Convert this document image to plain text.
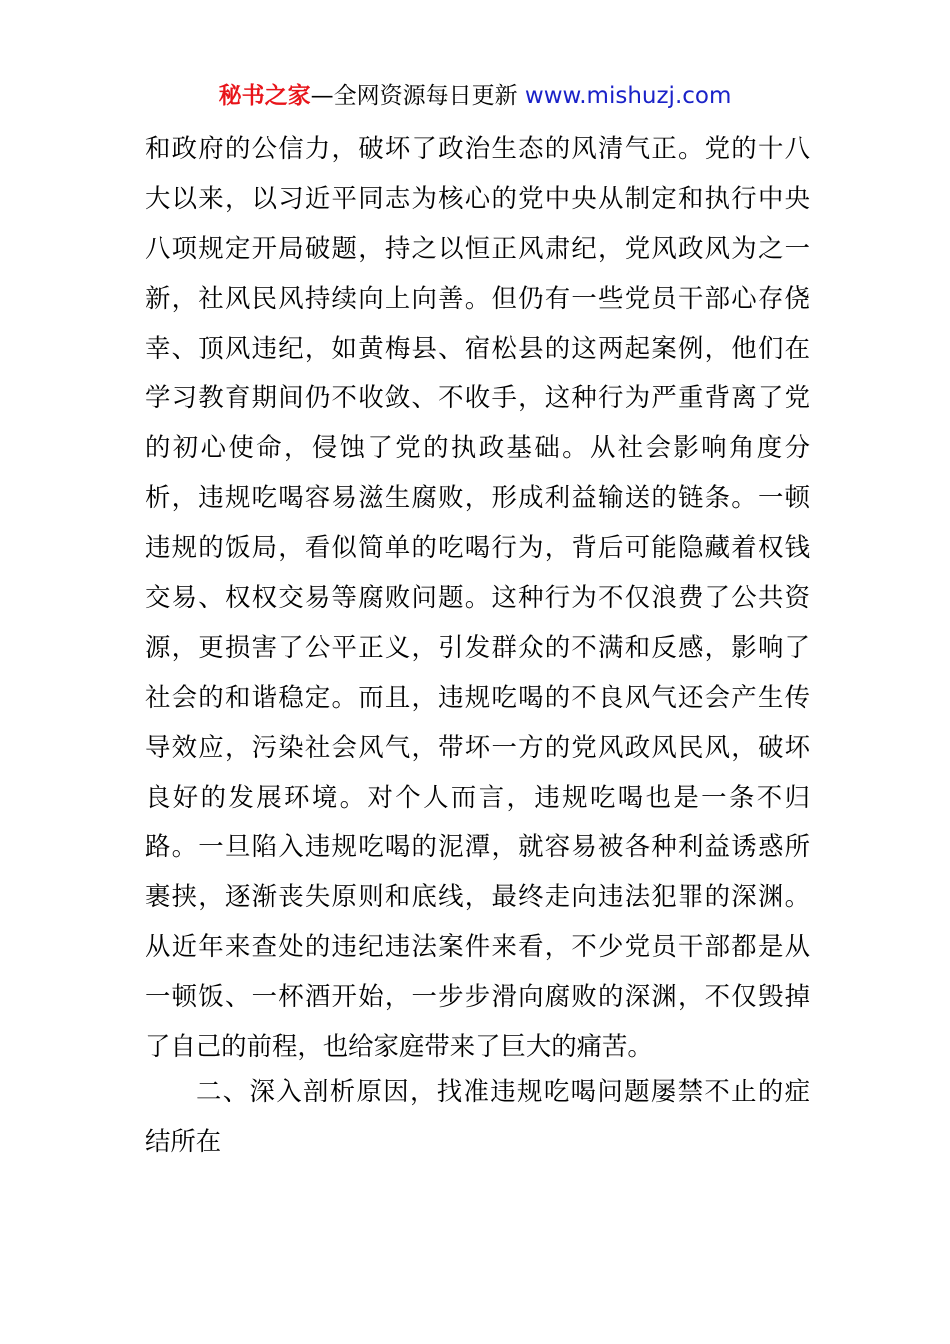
秘书之家—全网资源每日更新 www.mishuzj.com
和政府的公信力，破坏了政治生态的风清气正。党的十八
大以来，以习近平同志为核心的党中央从制定和执行中央
八项规定开局破题，持之以恒正风肃纪，党风政风为之一
新，社风民风持续向上向善。但仍有一些党员干部心存侥
幸、顶风违纪，如黄梅县、宿松县的这两起案例，他们在
学习教育期间仍不收敛、不收手，这种行为严重背离了党
的初心使命，侵蚀了党的执政基础。从社会影响角度分
析，违规吃喝容易滋生腐败，形成利益输送的链条。一顿
违规的饭局，看似简单的吃喝行为，背后可能隐藏着权钱
交易、权权交易等腐败问题。这种行为不仅浪费了公共资
源，更损害了公平正义，引发群众的不满和反感，影响了
社会的和谐稳定。而且，违规吃喝的不良风气还会产生传
导效应，污染社会风气，带坏一方的党风政风民风，破坏
良好的发展环境。对个人而言，违规吃喝也是一条不归
路。一旦陷入违规吃喝的泥潭，就容易被各种利益诱惑所
裹挟，逐渐丧失原则和底线，最终走向违法犯罪的深渊。
从近年来查处的违纪违法案件来看，不少党员干部都是从
一顿饭、一杯酒开始，一步步滑向腐败的深渊，不仅毁掉
了自己的前程，也给家庭带来了巨大的痛苦。
二、深入剖析原因，找准违规吃喝问题屡禁不止的症
结所在
